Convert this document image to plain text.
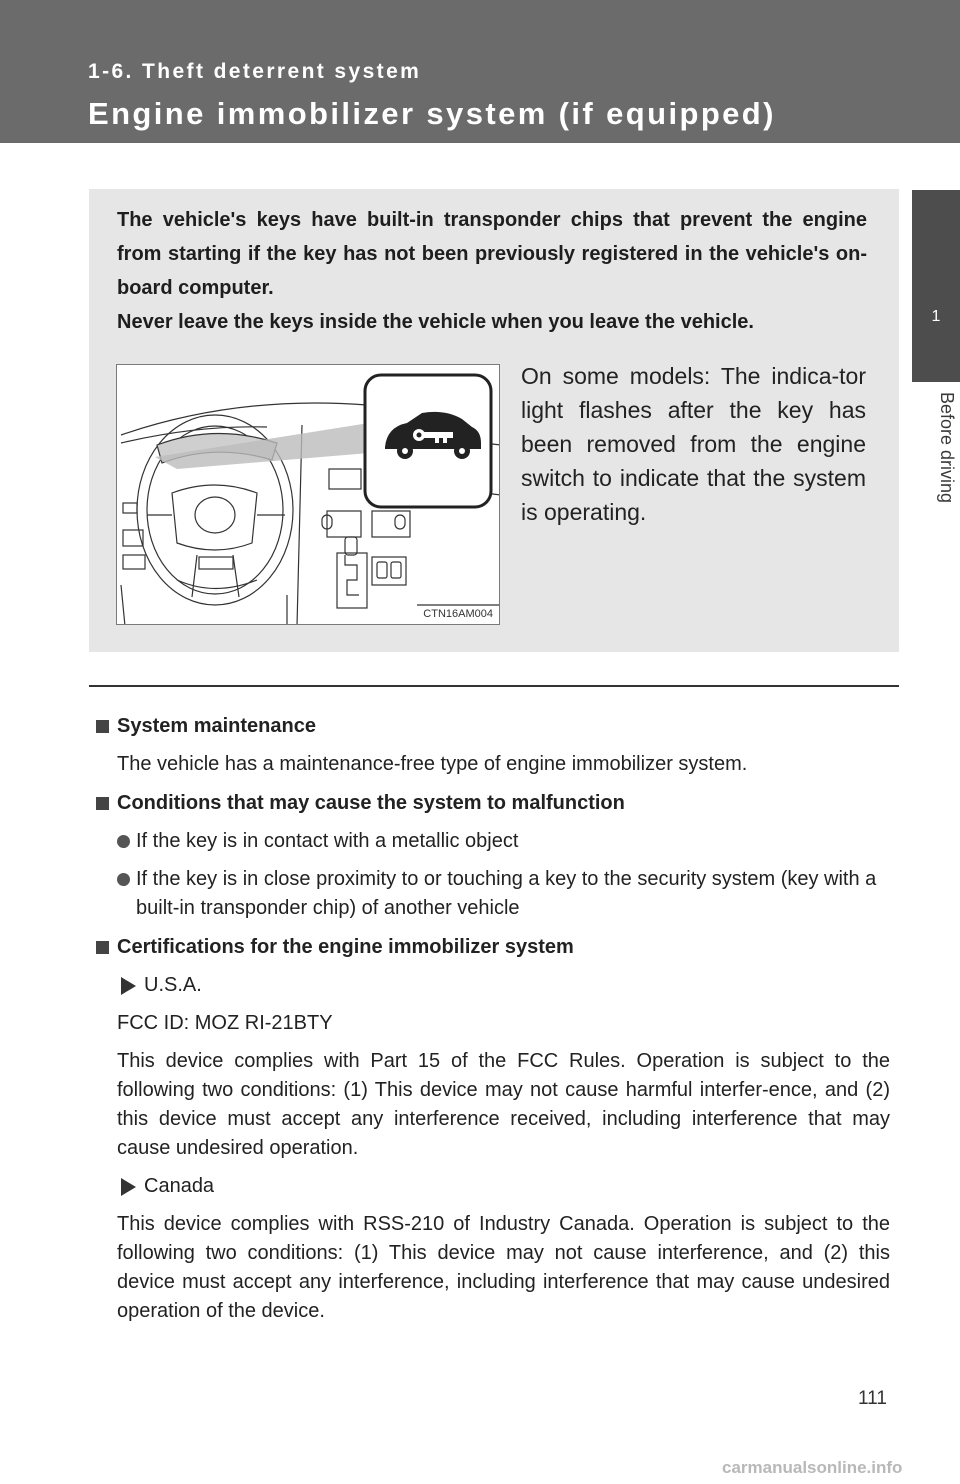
1-6. Theft deterrent system
Engine immobilizer system (if equipped)
1
Before driving

The vehicle's keys have built-in transponder chips that prevent the engine from starting if the key has not been previously registered in the vehicle's on-board computer.

Never leave the keys inside the vehicle when you leave the vehicle.

CTN16AM004
On some models: The indica-tor light flashes after the key has been removed from the engine switch to indicate that the system is operating.
System maintenance
The vehicle has a maintenance-free type of engine immobilizer system.
Conditions that may cause the system to malfunction
If the key is in contact with a metallic object
If the key is in close proximity to or touching a key to the security system (key with a built-in transponder chip) of another vehicle
Certifications for the engine immobilizer system
U.S.A.
FCC ID: MOZ RI-21BTY
This device complies with Part 15 of the FCC Rules. Operation is subject to the following two conditions: (1) This device may not cause harmful interfer-ence, and (2) this device must accept any interference received, including interference that may cause undesired operation.
Canada
This device complies with RSS-210 of Industry Canada. Operation is subject to the following two conditions: (1) This device may not cause interference, and (2) this device must accept any interference, including interference that may cause undesired operation of the device.
111
carmanualsonline.info
